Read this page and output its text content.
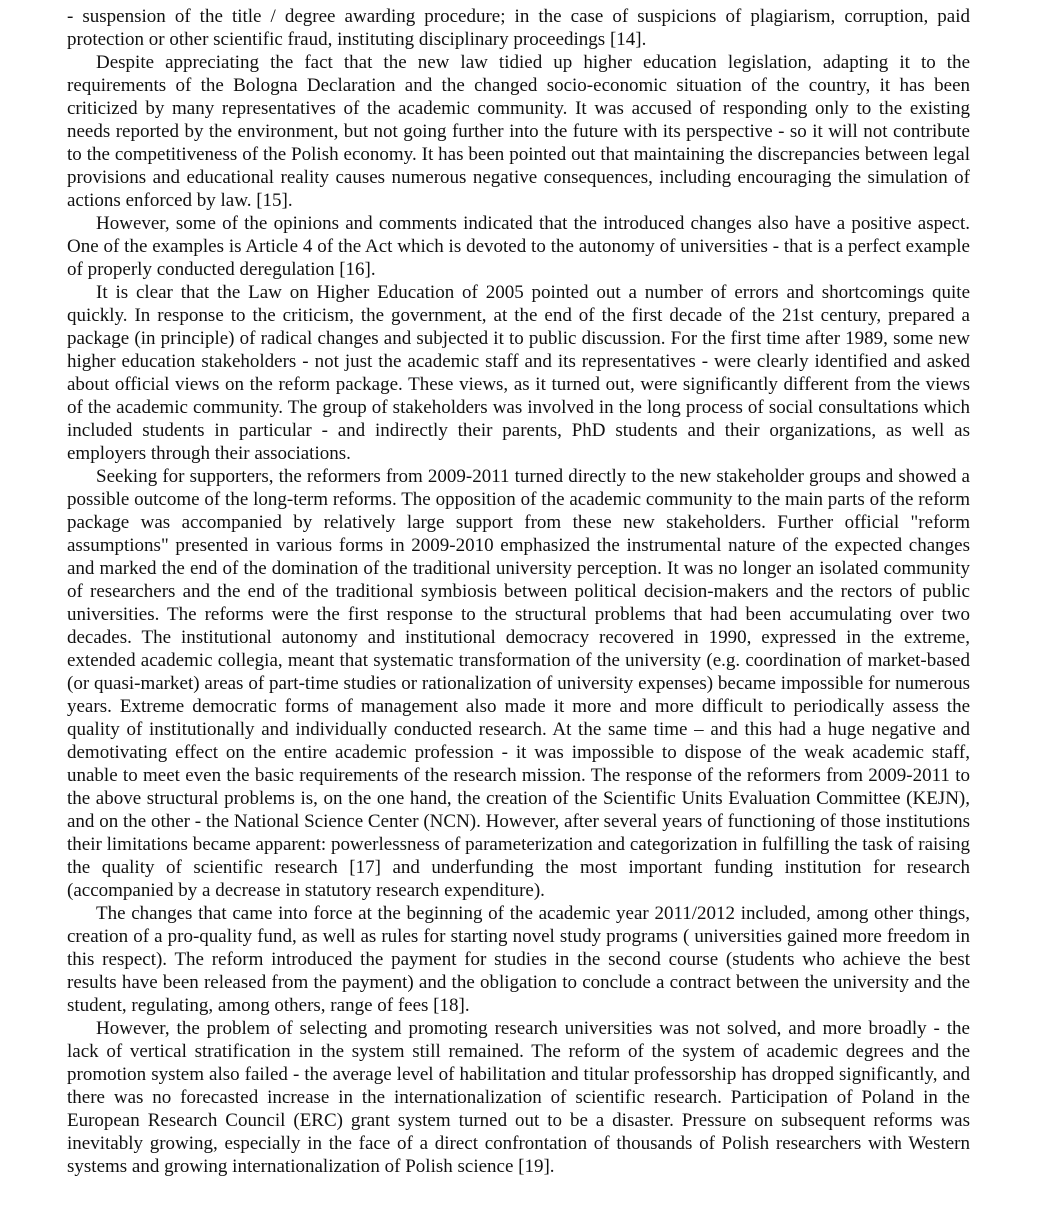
- suspension of the title / degree awarding procedure; in the case of suspicions of plagiarism, corruption, paid protection or other scientific fraud, instituting disciplinary proceedings [14].

Despite appreciating the fact that the new law tidied up higher education legislation, adapting it to the requirements of the Bologna Declaration and the changed socio-economic situation of the country, it has been criticized by many representatives of the academic community. It was accused of responding only to the existing needs reported by the environment, but not going further into the future with its perspective - so it will not contribute to the competitiveness of the Polish economy. It has been pointed out that maintaining the discrepancies between legal provisions and educational reality causes numerous negative consequences, including encouraging the simulation of actions enforced by law. [15].

However, some of the opinions and comments indicated that the introduced changes also have a positive aspect. One of the examples is Article 4 of the Act which is devoted to the autonomy of universities - that is a perfect example of properly conducted deregulation [16].

It is clear that the Law on Higher Education of 2005 pointed out a number of errors and shortcomings quite quickly. In response to the criticism, the government, at the end of the first decade of the 21st century, prepared a package (in principle) of radical changes and subjected it to public discussion. For the first time after 1989, some new higher education stakeholders - not just the academic staff and its representatives - were clearly identified and asked about official views on the reform package. These views, as it turned out, were significantly different from the views of the academic community. The group of stakeholders was involved in the long process of social consultations which included students in particular - and indirectly their parents, PhD students and their organizations, as well as employers through their associations.

Seeking for supporters, the reformers from 2009-2011 turned directly to the new stakeholder groups and showed a possible outcome of the long-term reforms. The opposition of the academic community to the main parts of the reform package was accompanied by relatively large support from these new stakeholders. Further official "reform assumptions" presented in various forms in 2009-2010 emphasized the instrumental nature of the expected changes and marked the end of the domination of the traditional university perception. It was no longer an isolated community of researchers and the end of the traditional symbiosis between political decision-makers and the rectors of public universities. The reforms were the first response to the structural problems that had been accumulating over two decades. The institutional autonomy and institutional democracy recovered in 1990, expressed in the extreme, extended academic collegia, meant that systematic transformation of the university (e.g. coordination of market-based (or quasi-market) areas of part-time studies or rationalization of university expenses) became impossible for numerous years. Extreme democratic forms of management also made it more and more difficult to periodically assess the quality of institutionally and individually conducted research. At the same time – and this had a huge negative and demotivating effect on the entire academic profession - it was impossible to dispose of the weak academic staff, unable to meet even the basic requirements of the research mission. The response of the reformers from 2009-2011 to the above structural problems is, on the one hand, the creation of the Scientific Units Evaluation Committee (KEJN), and on the other - the National Science Center (NCN). However, after several years of functioning of those institutions their limitations became apparent: powerlessness of parameterization and categorization in fulfilling the task of raising the quality of scientific research [17] and underfunding the most important funding institution for research (accompanied by a decrease in statutory research expenditure).

The changes that came into force at the beginning of the academic year 2011/2012 included, among other things, creation of a pro-quality fund, as well as rules for starting novel study programs ( universities gained more freedom in this respect). The reform introduced the payment for studies in the second course (students who achieve the best results have been released from the payment) and the obligation to conclude a contract between the university and the student, regulating, among others, range of fees [18].

However, the problem of selecting and promoting research universities was not solved, and more broadly - the lack of vertical stratification in the system still remained. The reform of the system of academic degrees and the promotion system also failed - the average level of habilitation and titular professorship has dropped significantly, and there was no forecasted increase in the internationalization of scientific research. Participation of Poland in the European Research Council (ERC) grant system turned out to be a disaster. Pressure on subsequent reforms was inevitably growing, especially in the face of a direct confrontation of thousands of Polish researchers with Western systems and growing internationalization of Polish science [19].
